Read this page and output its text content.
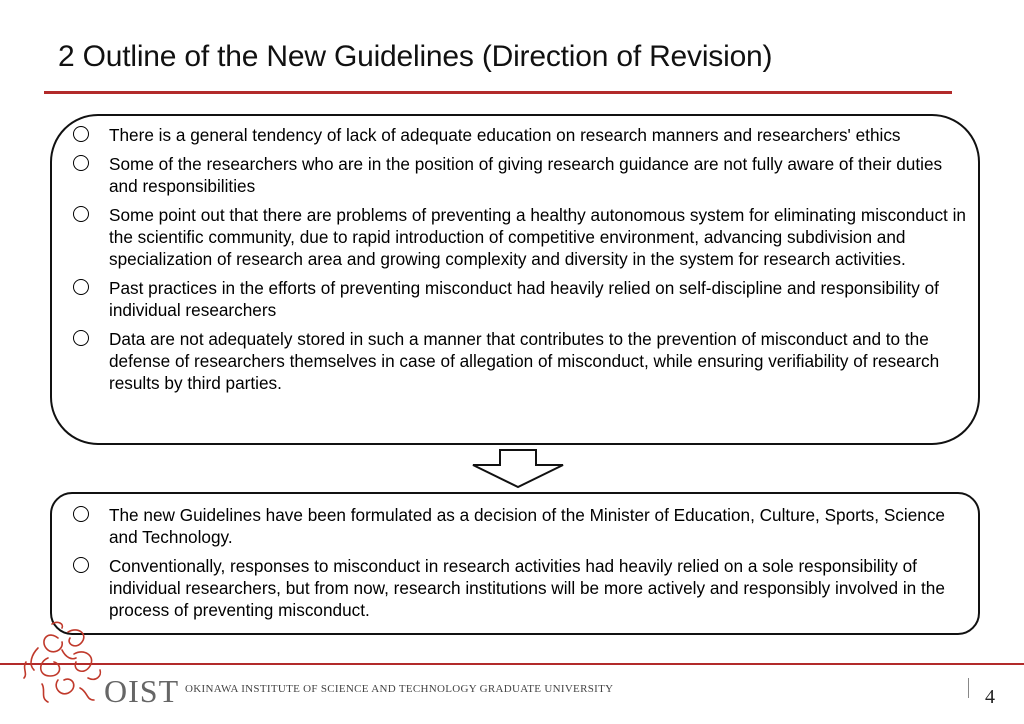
2 Outline of the New Guidelines (Direction of Revision)
There is a general tendency of lack of adequate education on research manners and researchers' ethics
Some of the researchers who are in the position of giving research guidance are not fully aware of their duties and responsibilities
Some point out that there are problems of preventing a healthy autonomous system for eliminating misconduct in the scientific community, due to rapid introduction of competitive environment, advancing subdivision and specialization of research area and growing complexity and diversity in the system for research activities.
Past practices in the efforts of preventing misconduct had heavily relied on self-discipline and responsibility of individual researchers
Data are not adequately stored in such a manner that contributes to the prevention of misconduct and to the defense of researchers themselves in case of allegation of misconduct, while ensuring verifiability of research results by third parties.
The new Guidelines have been formulated as a decision of the Minister of Education, Culture, Sports, Science and Technology.
Conventionally, responses to misconduct in research activities had heavily relied on a sole responsibility of individual researchers, but from now, research institutions will be more actively and responsibly involved in the process of preventing misconduct.
OIST OKINAWA INSTITUTE OF SCIENCE AND TECHNOLOGY GRADUATE UNIVERSITY	4
